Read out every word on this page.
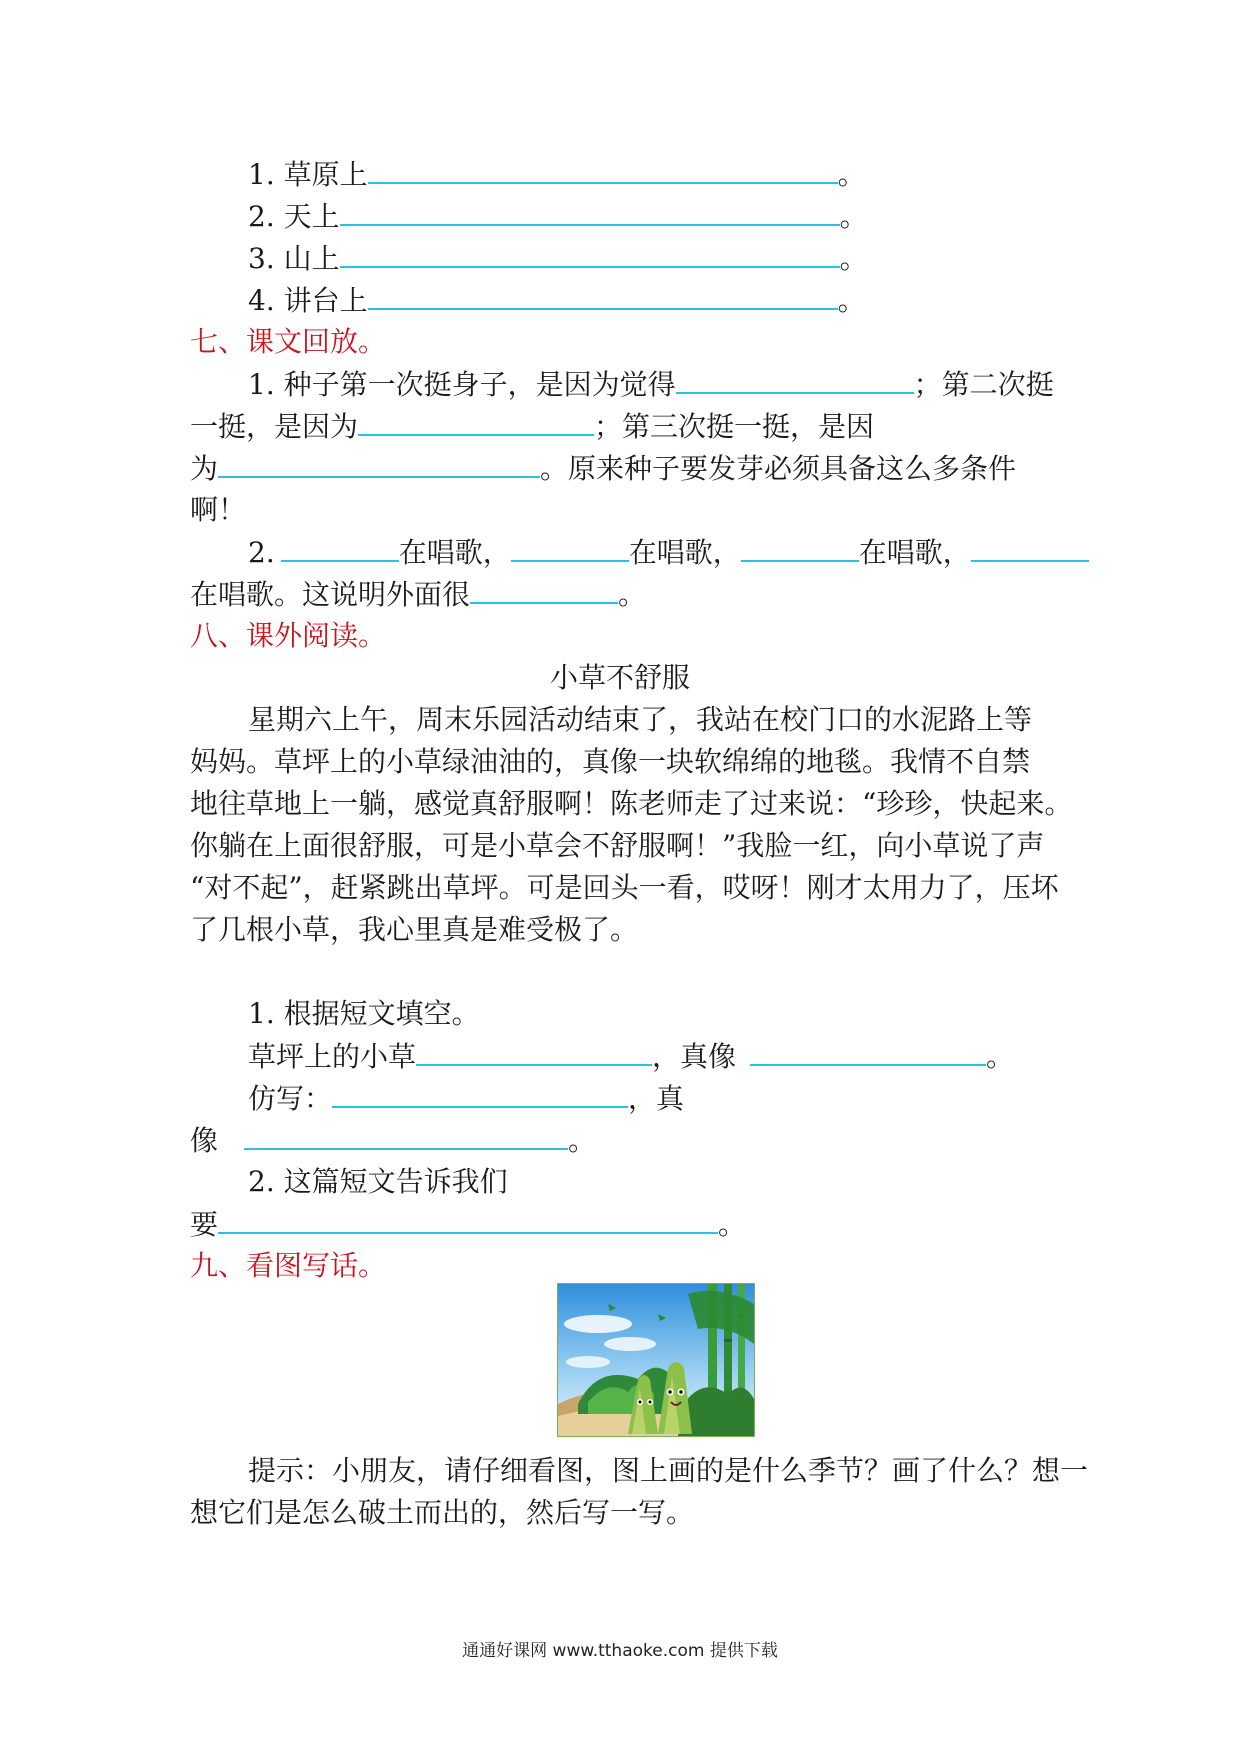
1. 草原上	。
2. 天上	。
3. 山上	。
4. 讲台上	。
七、课文回放。
1. 种子第一次挺身子，是因为觉得	；第二次挺
一挺，是因为	；第三次挺一挺，是因
为	。原来种子要发芽必须具备这么多条件
啊！
2.	在唱歌，	在唱歌，	在唱歌，
在唱歌。这说明外面很	。
八、课外阅读。
小草不舒服
星期六上午，周末乐园活动结束了，我站在校门口的水泥路上等
妈妈。草坪上的小草绿油油的，真像一块软绵绵的地毯。我情不自禁
地往草地上一躺，感觉真舒服啊！陈老师走了过来说：“珍珍，快起来。
你躺在上面很舒服，可是小草会不舒服啊！”我脸一红，向小草说了声
“对不起”，赶紧跳出草坪。可是回头一看，哎呀！刚才太用力了，压坏
了几根小草，我心里真是难受极了。
1. 根据短文填空。
草坪上的小草	，真像	。
仿写：	，真
像	。
2. 这篇短文告诉我们
要	。
九、看图写话。
提示：小朋友，请仔细看图，图上画的是什么季节？画了什么？想一
想它们是怎么破土而出的，然后写一写。
通通好课网 www.tthaoke.com 提供下载
